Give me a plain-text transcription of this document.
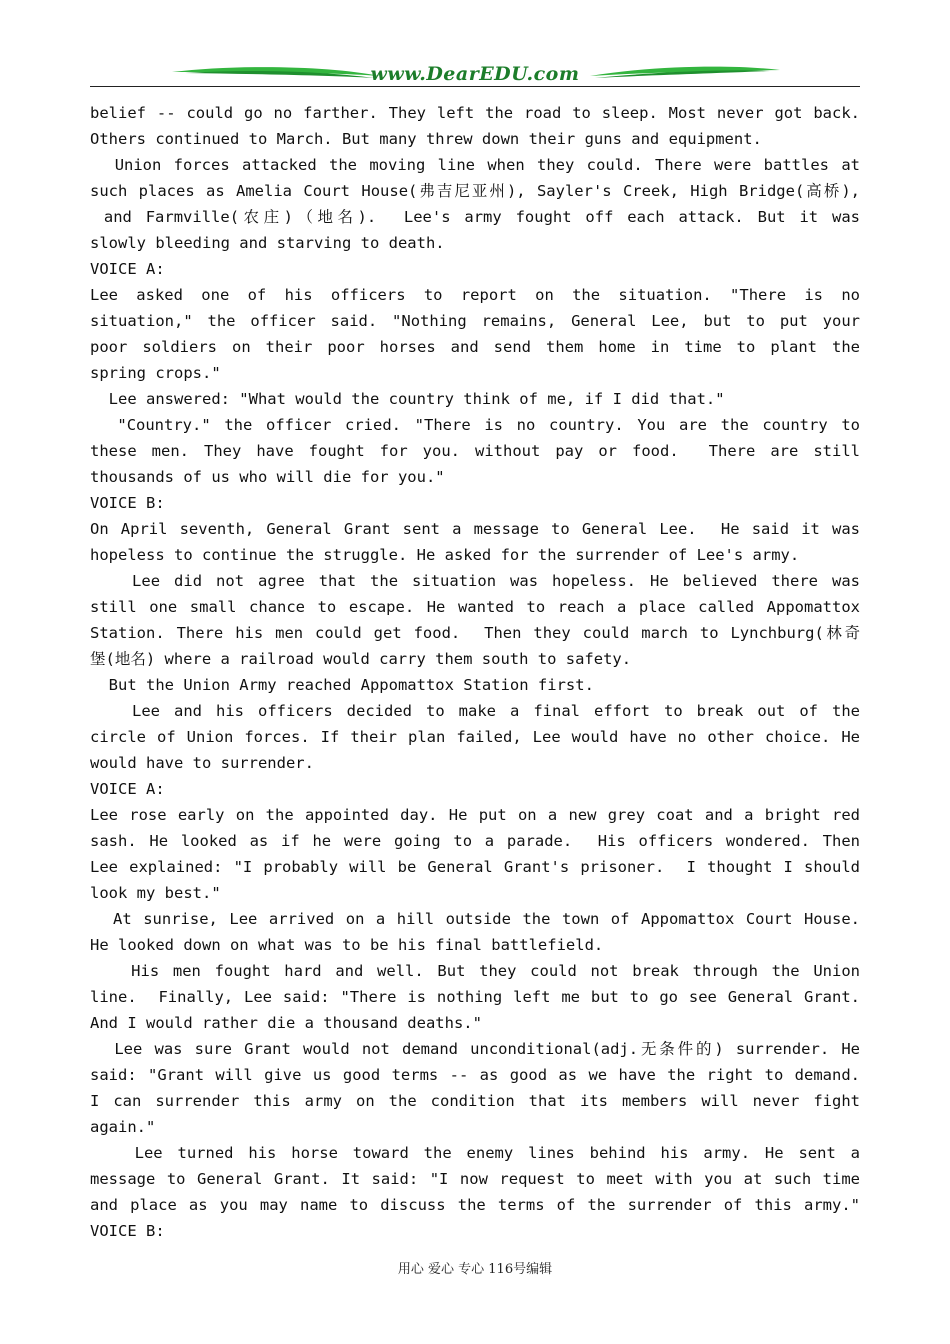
www.DearEDU.com
belief -- could go no farther. They left the road to sleep. Most never got back.
Others continued to March. But many threw down their guns and equipment.
Union forces attacked the moving line when they could. There were battles at
such places as Amelia Court House(弗吉尼亚州), Sayler's Creek, High Bridge(高桥),
and Farmville(农庄)（地名).  Lee's army fought off each attack. But it was
slowly bleeding and starving to death.
VOICE A:
Lee asked one of his officers to report on the situation. "There is no
situation," the officer said. "Nothing remains, General Lee, but to put your
poor soldiers on their poor horses and send them home in time to plant the
spring crops."
Lee answered: "What would the country think of me, if I did that."
"Country." the officer cried. "There is no country. You are the country to
these men. They have fought for you. without pay or food.  There are still
thousands of us who will die for you."
VOICE B:
On April seventh, General Grant sent a message to General Lee.  He said it was
hopeless to continue the struggle. He asked for the surrender of Lee's army.
Lee did not agree that the situation was hopeless. He believed there was
still one small chance to escape. He wanted to reach a place called Appomattox
Station. There his men could get food.  Then they could march to Lynchburg(林奇
堡(地名) where a railroad would carry them south to safety.
But the Union Army reached Appomattox Station first.
Lee and his officers decided to make a final effort to break out of the
circle of Union forces. If their plan failed, Lee would have no other choice. He
would have to surrender.
VOICE A:
Lee rose early on the appointed day. He put on a new grey coat and a bright red
sash. He looked as if he were going to a parade.  His officers wondered. Then
Lee explained: "I probably will be General Grant's prisoner.  I thought I should
look my best."
At sunrise, Lee arrived on a hill outside the town of Appomattox Court House.
He looked down on what was to be his final battlefield.
His men fought hard and well. But they could not break through the Union
line.  Finally, Lee said: "There is nothing left me but to go see General Grant.
And I would rather die a thousand deaths."
Lee was sure Grant would not demand unconditional(adj.无条件的) surrender. He
said: "Grant will give us good terms -- as good as we have the right to demand.
I can surrender this army on the condition that its members will never fight
again."
Lee turned his horse toward the enemy lines behind his army. He sent a
message to General Grant. It said: "I now request to meet with you at such time
and place as you may name to discuss the terms of the surrender of this army."
VOICE B:
用心 爱心 专心 116号编辑
